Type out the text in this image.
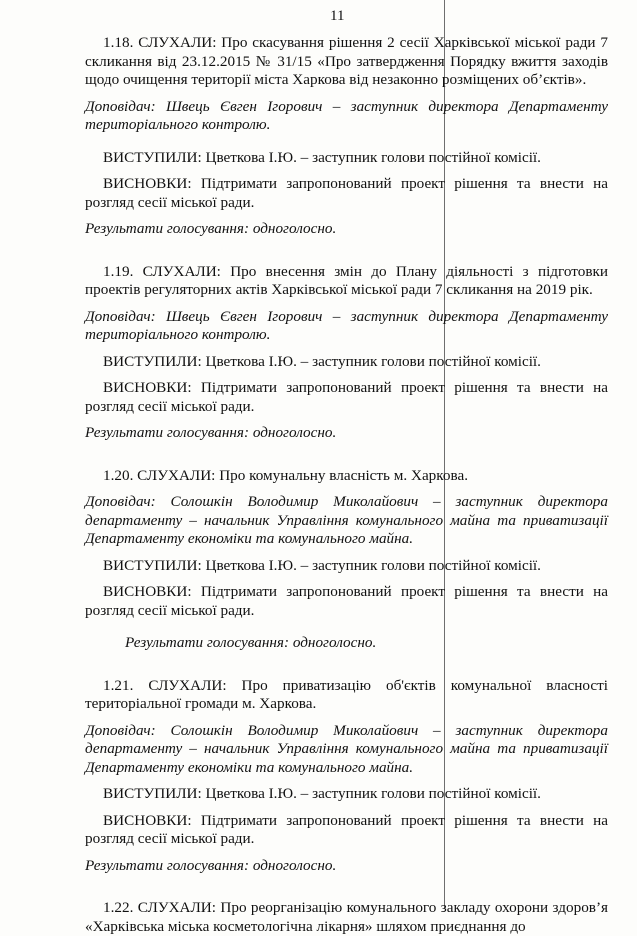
11

1.18. СЛУХАЛИ: Про скасування рішення 2 сесії Харківської міської ради 7 скликання від 23.12.2015 № 31/15 «Про затвердження Порядку вжиття заходів щодо очищення території міста Харкова від незаконно розміщених об’єктів».

Доповідач: Швець Євген Ігорович – заступник директора Департаменту територіального контролю.

ВИСТУПИЛИ: Цветкова І.Ю. – заступник голови постійної комісії.

ВИСНОВКИ: Підтримати запропонований проект рішення та внести на розгляд сесії міської ради.

Результати голосування: одноголосно.

1.19. СЛУХАЛИ: Про внесення змін до Плану діяльності з підготовки проектів регуляторних актів Харківської міської ради 7 скликання на 2019 рік.

Доповідач: Швець Євген Ігорович – заступник директора Департаменту територіального контролю.

ВИСТУПИЛИ: Цветкова І.Ю. – заступник голови постійної комісії.

ВИСНОВКИ: Підтримати запропонований проект рішення та внести на розгляд сесії міської ради.

Результати голосування: одноголосно.

1.20. СЛУХАЛИ: Про комунальну власність м. Харкова.

Доповідач: Солошкін Володимир Миколайович – заступник директора департаменту – начальник Управління комунального майна та приватизації Департаменту економіки та комунального майна.

ВИСТУПИЛИ: Цветкова І.Ю. – заступник голови постійної комісії.

ВИСНОВКИ: Підтримати запропонований проект рішення та внести на розгляд сесії міської ради.

Результати голосування: одноголосно.

1.21. СЛУХАЛИ: Про приватизацію об'єктів комунальної власності територіальної громади м. Харкова.

Доповідач: Солошкін Володимир Миколайович – заступник директора департаменту – начальник Управління комунального майна та приватизації Департаменту економіки та комунального майна.

ВИСТУПИЛИ: Цветкова І.Ю. – заступник голови постійної комісії.

ВИСНОВКИ: Підтримати запропонований проект рішення та внести на розгляд сесії міської ради.

Результати голосування: одноголосно.

1.22. СЛУХАЛИ: Про реорганізацію комунального закладу охорони здоров’я «Харківська міська косметологічна лікарня» шляхом приєднання до
